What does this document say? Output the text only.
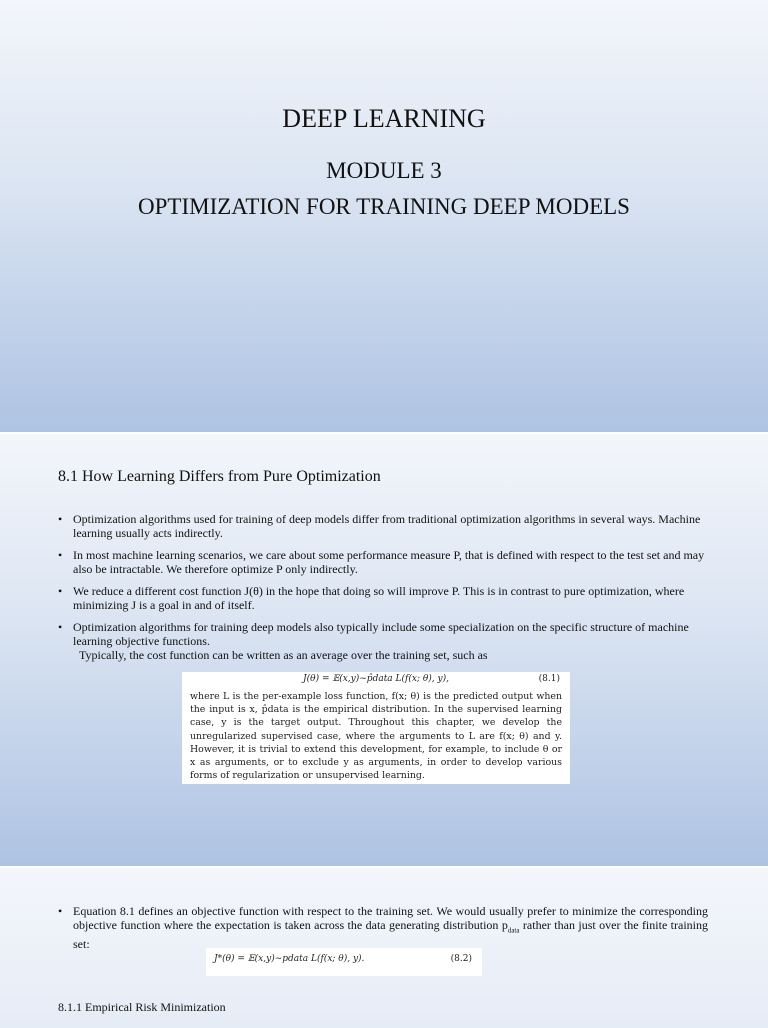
DEEP LEARNING
MODULE 3
OPTIMIZATION FOR TRAINING DEEP MODELS
8.1 How Learning Differs from Pure Optimization
• Optimization algorithms used for training of deep models differ from traditional optimization algorithms in several ways. Machine learning usually acts indirectly.
• In most machine learning scenarios, we care about some performance measure P, that is defined with respect to the test set and may also be intractable. We therefore optimize P only indirectly.
• We reduce a different cost function J(θ) in the hope that doing so will improve P. This is in contrast to pure optimization, where minimizing J is a goal in and of itself.
• Optimization algorithms for training deep models also typically include some specialization on the specific structure of machine learning objective functions.
Typically, the cost function can be written as an average over the training set, such as
J(θ) = 𝔼(x,y)∼p̂data L(f(x; θ), y),	(8.1)
where L is the per-example loss function, f(x; θ) is the predicted output when the input is x, p̂data is the empirical distribution. In the supervised learning case, y is the target output. Throughout this chapter, we develop the unregularized supervised case, where the arguments to L are f(x; θ) and y. However, it is trivial to extend this development, for example, to include θ or x as arguments, or to exclude y as arguments, in order to develop various forms of regularization or unsupervised learning.
• Equation 8.1 defines an objective function with respect to the training set. We would usually prefer to minimize the corresponding objective function where the expectation is taken across the data generating distribution $p_{data}$ rather than just over the finite training set:
J*(θ) = 𝔼(x,y)∼pdata L(f(x; θ), y).	(8.2)
8.1.1 Empirical Risk Minimization
